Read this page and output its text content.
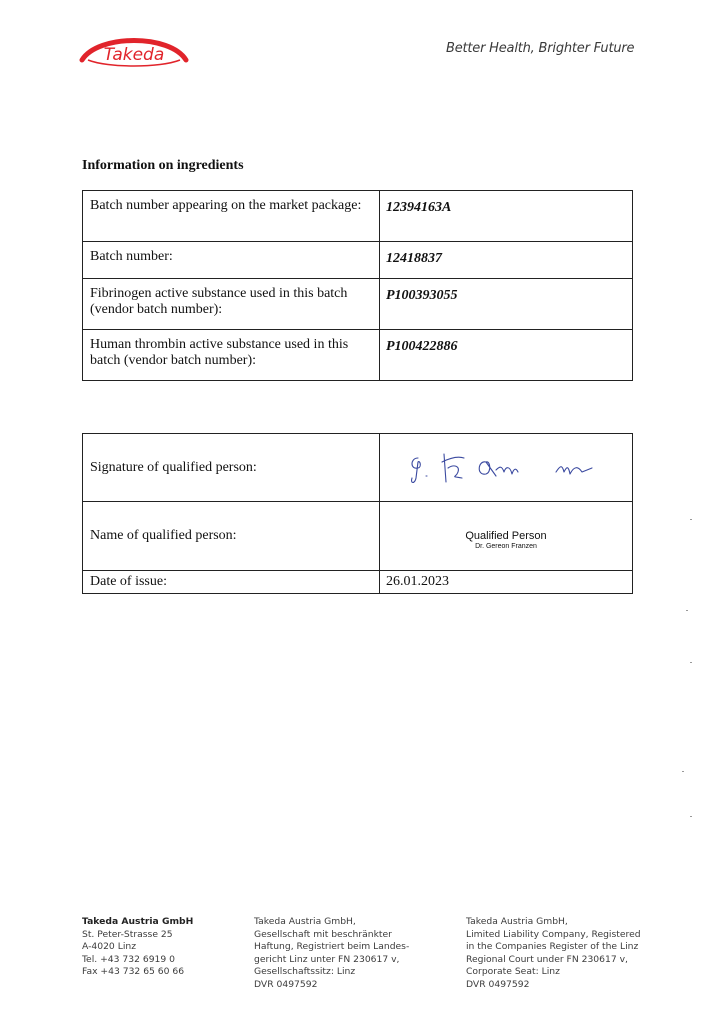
Takeda	Better Health, Brighter Future
Information on ingredients
Batch number appearing on the market package:	12394163A
Batch number:	12418837
Fibrinogen active substance used in this batch (vendor batch number):	P100393055
Human thrombin active substance used in this batch (vendor batch number):	P100422886
Signature of qualified person:	

Name of qualified person:	Qualified Person
Dr. Gereon Franzen

Date of issue:	26.01.2023
Takeda Austria GmbH
St. Peter-Strasse 25
A-4020 Linz
Tel. +43 732 6919 0
Fax +43 732 65 60 66
Takeda Austria GmbH,
Gesellschaft mit beschränkter
Haftung, Registriert beim Landes-
gericht Linz unter FN 230617 v,
Gesellschaftssitz: Linz
DVR 0497592
Takeda Austria GmbH,
Limited Liability Company, Registered
in the Companies Register of the Linz
Regional Court under FN 230617 v,
Corporate Seat: Linz
DVR 0497592
